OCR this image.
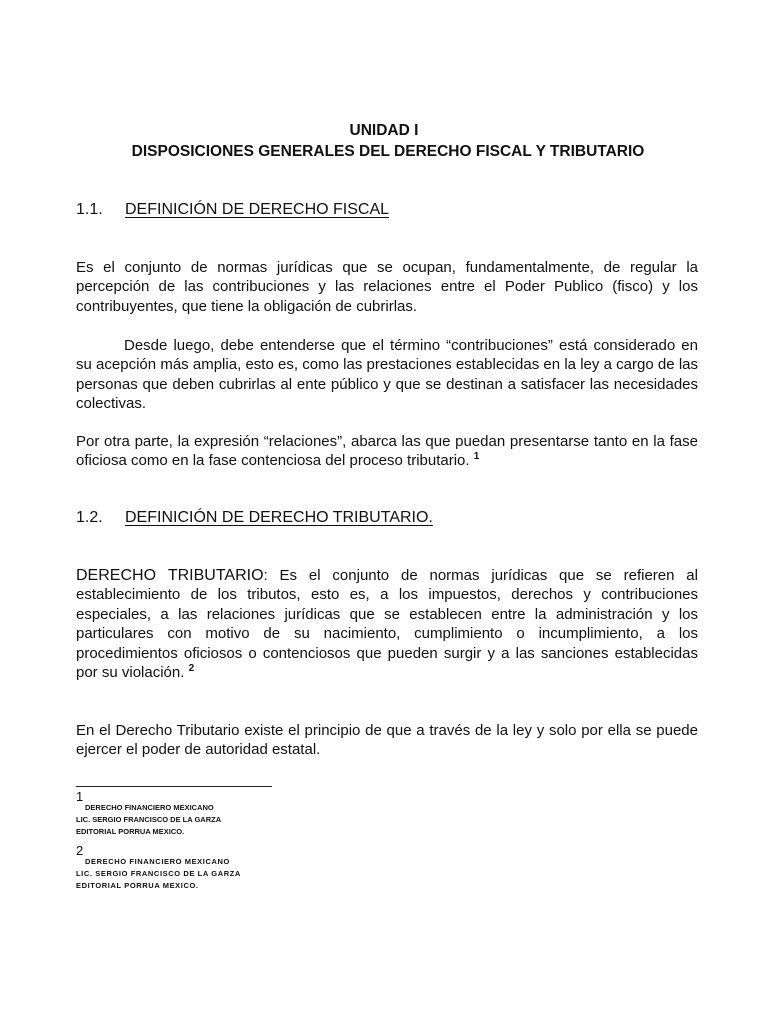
UNIDAD I
DISPOSICIONES GENERALES DEL DERECHO FISCAL Y TRIBUTARIO
1.1. DEFINICIÓN DE DERECHO FISCAL

Es el conjunto de normas jurídicas que se ocupan, fundamentalmente, de regular la percepción de las contribuciones y las relaciones entre el Poder Publico (fisco) y los contribuyentes, que tiene la obligación de cubrirlas.

Desde luego, debe entenderse que el término “contribuciones” está considerado en su acepción más amplia, esto es, como las prestaciones establecidas en la ley a cargo de las personas que deben cubrirlas al ente público y que se destinan a satisfacer las necesidades colectivas.

Por otra parte, la expresión “relaciones”, abarca las que puedan presentarse tanto en la fase oficiosa como en la fase contenciosa del proceso tributario. $^1$

1.2. DEFINICIÓN DE DERECHO TRIBUTARIO.

DERECHO TRIBUTARIO: Es el conjunto de normas jurídicas que se refieren al establecimiento de los tributos, esto es, a los impuestos, derechos y contribuciones especiales, a las relaciones jurídicas que se establecen entre la administración y los particulares con motivo de su nacimiento, cumplimiento o incumplimiento, a los procedimientos oficiosos o contenciosos que pueden surgir y a las sanciones establecidas por su violación. $^2$

En el Derecho Tributario existe el principio de que a través de la ley y solo por ella se puede ejercer el poder de autoridad estatal.

1
DERECHO FINANCIERO MEXICANO
LIC. SERGIO FRANCISCO DE LA GARZA
EDITORIAL PORRUA MEXICO.
2
DERECHO FINANCIERO MEXICANO
LIC. SERGIO FRANCISCO DE LA GARZA
EDITORIAL PORRUA MEXICO.
